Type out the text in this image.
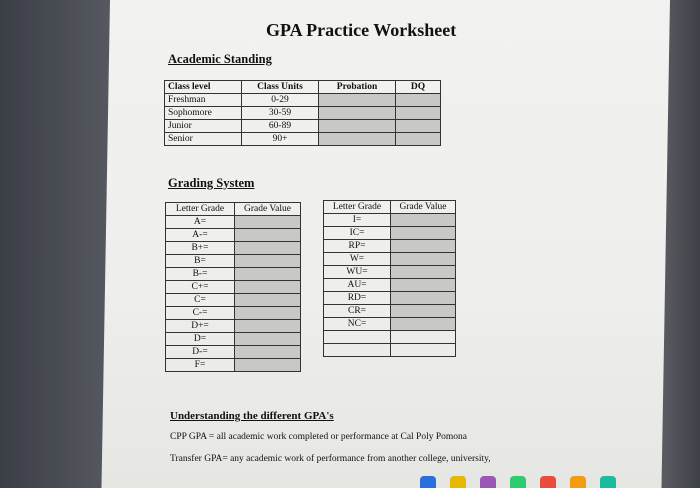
GPA Practice Worksheet
Academic Standing
Class level	Class Units	Probation	DQ
Freshman	0-29		
Sophomore	30-59		
Junior	60-89		
Senior	90+		
Grading System
Letter Grade	Grade Value
A=	
A-=	
B+=	
B=	
B-=	
C+=	
C=	
C-=	
D+=	
D=	
D-=	
F=	
Letter Grade	Grade Value
I=	
IC=	
RP=	
W=	
WU=	
AU=	
RD=	
CR=	
NC=	

Understanding the different GPA's
CPP GPA = all academic work completed or performance at Cal Poly Pomona
Transfer GPA= any academic work of performance from another college, university,
